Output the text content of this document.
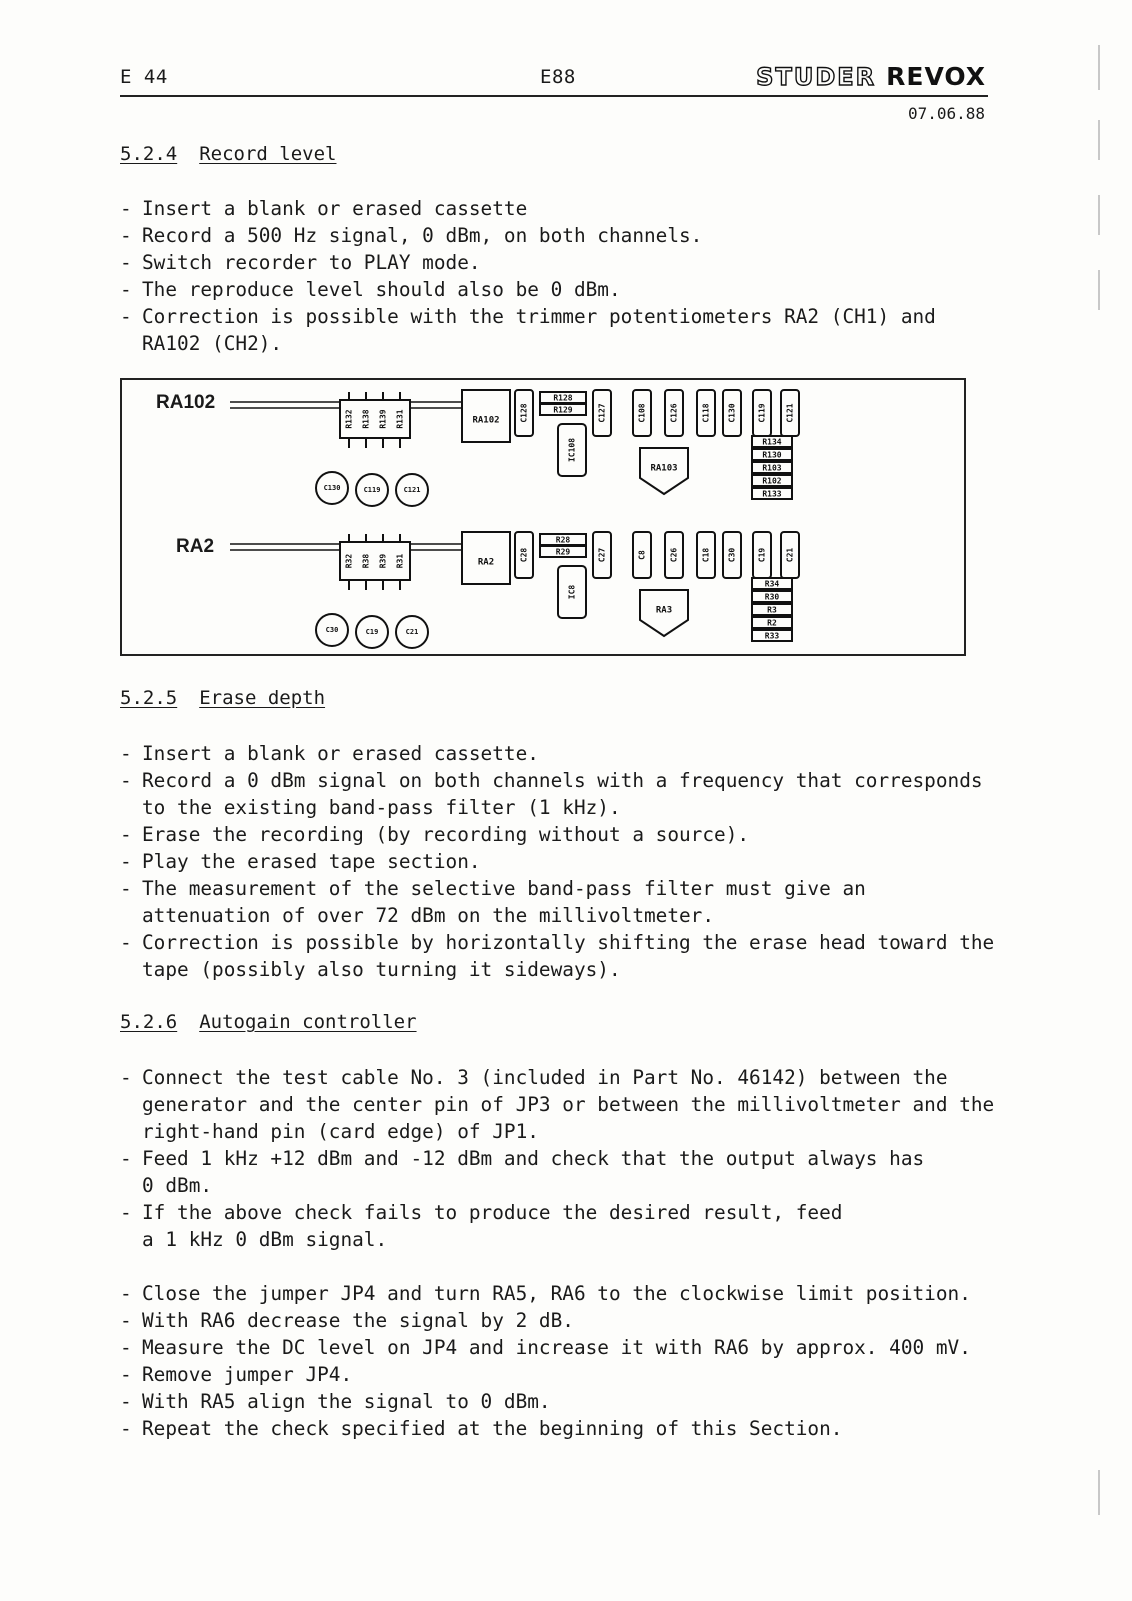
E 44	E88	STUDER REVOX
07.06.88
5.2.4 Record level
- Insert a blank or erased cassette
- Record a 500 Hz signal, 0 dBm, on both channels.
- Switch recorder to PLAY mode.
- The reproduce level should also be 0 dBm.
- Correction is possible with the trimmer potentiometers RA2 (CH1) and
RA102 (CH2).
RA102
RA2
R132 R138 R139 R131	RA102 C128	C127	C108	C126	C118 C130	C119 C121
R128
R129
IC108
RA103
R134
R130
R103
R102
R133
C130	C119	C121
R32 R38 R39 R31	RA2
C28	C27	C8	C26	C18 C30	C19 C21
R28
R29
IC8
RA3
R34
R30
R3
R2
R33
C30	C19	C21
5.2.5 Erase depth
- Insert a blank or erased cassette.
- Record a 0 dBm signal on both channels with a frequency that corresponds
to the existing band-pass filter (1 kHz).
- Erase the recording (by recording without a source).
- Play the erased tape section.
- The measurement of the selective band-pass filter must give an
attenuation of over 72 dBm on the millivoltmeter.
- Correction is possible by horizontally shifting the erase head toward the
tape (possibly also turning it sideways).
5.2.6 Autogain controller
- Connect the test cable No. 3 (included in Part No. 46142) between the
generator and the center pin of JP3 or between the millivoltmeter and the
right-hand pin (card edge) of JP1.
- Feed 1 kHz +12 dBm and -12 dBm and check that the output always has
0 dBm.
- If the above check fails to produce the desired result, feed
a 1 kHz 0 dBm signal.
- Close the jumper JP4 and turn RA5, RA6 to the clockwise limit position.
- With RA6 decrease the signal by 2 dB.
- Measure the DC level on JP4 and increase it with RA6 by approx. 400 mV.
- Remove jumper JP4.
- With RA5 align the signal to 0 dBm.
- Repeat the check specified at the beginning of this Section.
